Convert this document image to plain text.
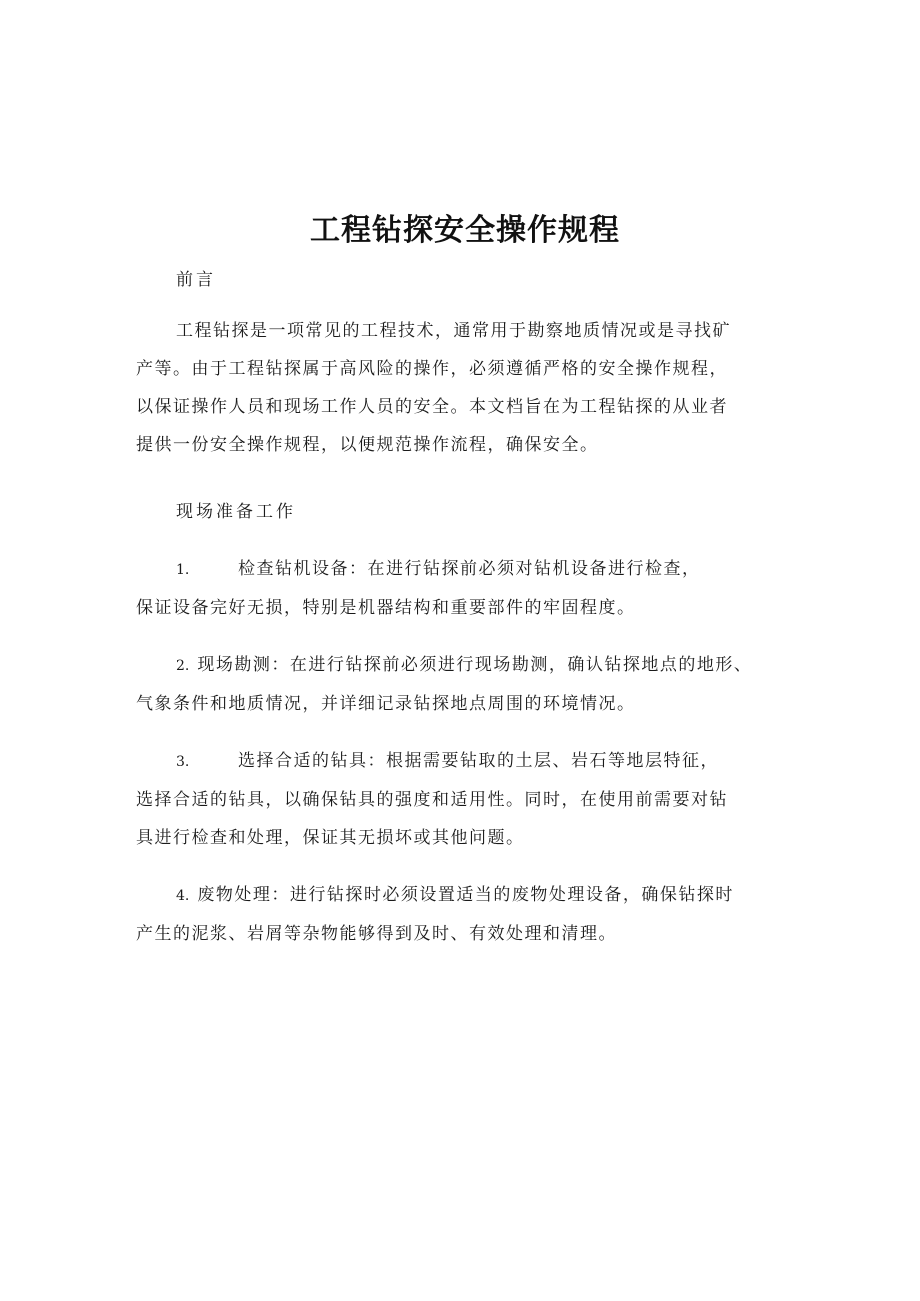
工程钻探安全操作规程
前言
工程钻探是一项常见的工程技术，通常用于勘察地质情况或是寻找矿
产等。由于工程钻探属于高风险的操作，必须遵循严格的安全操作规程，
以保证操作人员和现场工作人员的安全。本文档旨在为工程钻探的从业者
提供一份安全操作规程，以便规范操作流程，确保安全。
现场准备工作
1.	检查钻机设备：在进行钻探前必须对钻机设备进行检查，
保证设备完好无损，特别是机器结构和重要部件的牢固程度。
2. 现场勘测：在进行钻探前必须进行现场勘测，确认钻探地点的地形、
气象条件和地质情况，并详细记录钻探地点周围的环境情况。
3.	选择合适的钻具：根据需要钻取的土层、岩石等地层特征，
选择合适的钻具，以确保钻具的强度和适用性。同时，在使用前需要对钻
具进行检查和处理，保证其无损坏或其他问题。
4. 废物处理：进行钻探时必须设置适当的废物处理设备，确保钻探时
产生的泥浆、岩屑等杂物能够得到及时、有效处理和清理。
